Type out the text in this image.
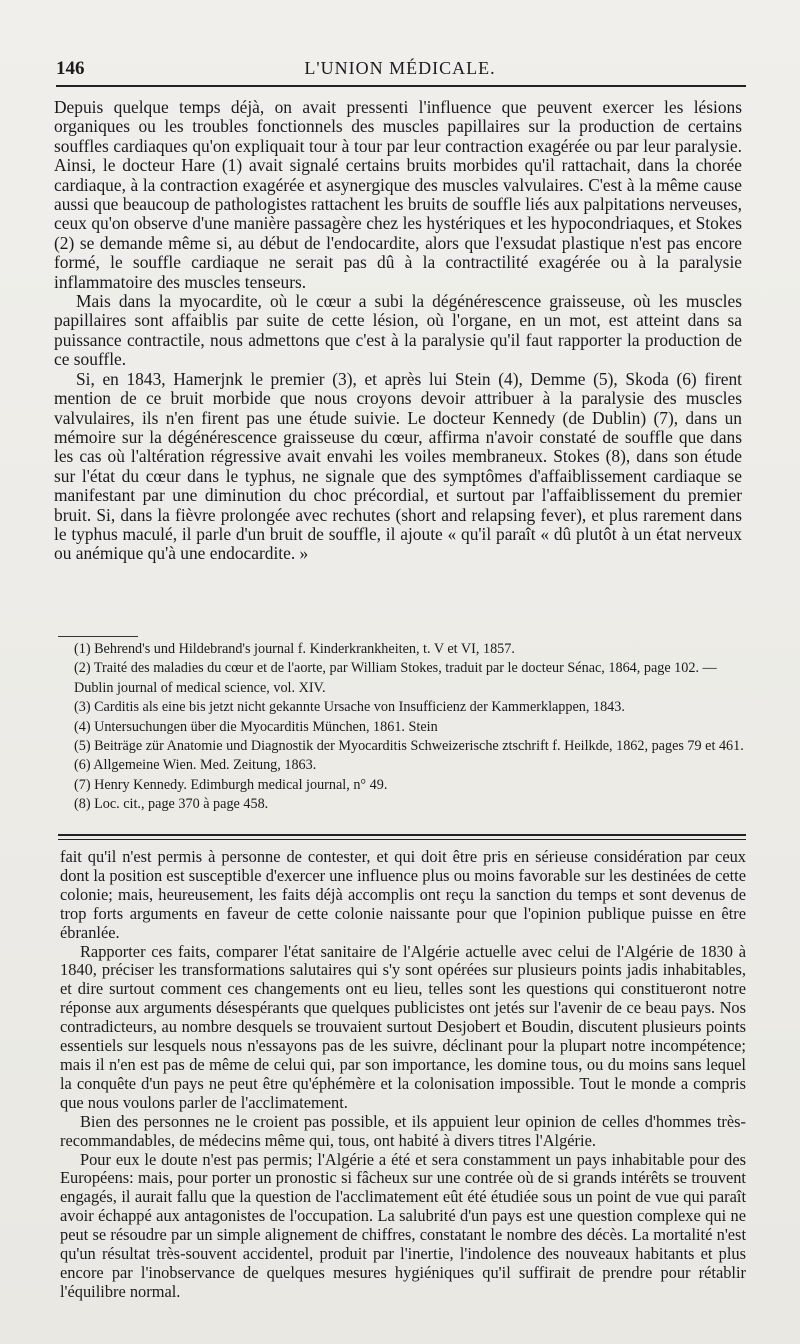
146	L'UNION MÉDICALE.

Depuis quelque temps déjà, on avait pressenti l'influence que peuvent exercer les lésions organiques ou les troubles fonctionnels des muscles papillaires sur la production de certains souffles cardiaques qu'on expliquait tour à tour par leur contraction exagérée ou par leur paralysie. Ainsi, le docteur Hare (1) avait signalé certains bruits morbides qu'il rattachait, dans la chorée cardiaque, à la contraction exagérée et asynergique des muscles valvulaires. C'est à la même cause aussi que beaucoup de pathologistes rattachent les bruits de souffle liés aux palpitations nerveuses, ceux qu'on observe d'une manière passagère chez les hystériques et les hypocondriaques, et Stokes (2) se demande même si, au début de l'endocardite, alors que l'exsudat plastique n'est pas encore formé, le souffle cardiaque ne serait pas dû à la contractilité exagérée ou à la paralysie inflammatoire des muscles tenseurs.

Mais dans la myocardite, où le cœur a subi la dégénérescence graisseuse, où les muscles papillaires sont affaiblis par suite de cette lésion, où l'organe, en un mot, est atteint dans sa puissance contractile, nous admettons que c'est à la paralysie qu'il faut rapporter la production de ce souffle.

Si, en 1843, Hamerjnk le premier (3), et après lui Stein (4), Demme (5), Skoda (6) firent mention de ce bruit morbide que nous croyons devoir attribuer à la paralysie des muscles valvulaires, ils n'en firent pas une étude suivie. Le docteur Kennedy (de Dublin) (7), dans un mémoire sur la dégénérescence graisseuse du cœur, affirma n'avoir constaté de souffle que dans les cas où l'altération régressive avait envahi les voiles membraneux. Stokes (8), dans son étude sur l'état du cœur dans le typhus, ne signale que des symptômes d'affaiblissement cardiaque se manifestant par une diminution du choc précordial, et surtout par l'affaiblissement du premier bruit. Si, dans la fièvre prolongée avec rechutes (short and relapsing fever), et plus rarement dans le typhus maculé, il parle d'un bruit de souffle, il ajoute « qu'il paraît « dû plutôt à un état nerveux ou anémique qu'à une endocardite. »

(1) Behrend's und Hildebrand's journal f. Kinderkrankheiten, t. V et VI, 1857.

(2) Traité des maladies du cœur et de l'aorte, par William Stokes, traduit par le docteur Sénac, 1864, page 102. — Dublin journal of medical science, vol. XIV.

(3) Carditis als eine bis jetzt nicht gekannte Ursache von Insufficienz der Kammerklappen, 1843.

(4) Untersuchungen über die Myocarditis München, 1861. Stein

(5) Beiträge zür Anatomie und Diagnostik der Myocarditis Schweizerische ztschrift f. Heilkde, 1862, pages 79 et 461.

(6) Allgemeine Wien. Med. Zeitung, 1863.

(7) Henry Kennedy. Edimburgh medical journal, n° 49.

(8) Loc. cit., page 370 à page 458.

fait qu'il n'est permis à personne de contester, et qui doit être pris en sérieuse considération par ceux dont la position est susceptible d'exercer une influence plus ou moins favorable sur les destinées de cette colonie; mais, heureusement, les faits déjà accomplis ont reçu la sanction du temps et sont devenus de trop forts arguments en faveur de cette colonie naissante pour que l'opinion publique puisse en être ébranlée.

Rapporter ces faits, comparer l'état sanitaire de l'Algérie actuelle avec celui de l'Algérie de 1830 à 1840, préciser les transformations salutaires qui s'y sont opérées sur plusieurs points jadis inhabitables, et dire surtout comment ces changements ont eu lieu, telles sont les questions qui constitueront notre réponse aux arguments désespérants que quelques publicistes ont jetés sur l'avenir de ce beau pays. Nos contradicteurs, au nombre desquels se trouvaient surtout Desjobert et Boudin, discutent plusieurs points essentiels sur lesquels nous n'essayons pas de les suivre, déclinant pour la plupart notre incompétence; mais il n'en est pas de même de celui qui, par son importance, les domine tous, ou du moins sans lequel la conquête d'un pays ne peut être qu'éphémère et la colonisation impossible. Tout le monde a compris que nous voulons parler de l'acclimatement.

Bien des personnes ne le croient pas possible, et ils appuient leur opinion de celles d'hommes très-recommandables, de médecins même qui, tous, ont habité à divers titres l'Algérie.

Pour eux le doute n'est pas permis; l'Algérie a été et sera constamment un pays inhabitable pour des Européens: mais, pour porter un pronostic si fâcheux sur une contrée où de si grands intérêts se trouvent engagés, il aurait fallu que la question de l'acclimatement eût été étudiée sous un point de vue qui paraît avoir échappé aux antagonistes de l'occupation. La salubrité d'un pays est une question complexe qui ne peut se résoudre par un simple alignement de chiffres, constatant le nombre des décès. La mortalité n'est qu'un résultat très-souvent accidentel, produit par l'inertie, l'indolence des nouveaux habitants et plus encore par l'inobservance de quelques mesures hygiéniques qu'il suffirait de prendre pour rétablir l'équilibre normal.
